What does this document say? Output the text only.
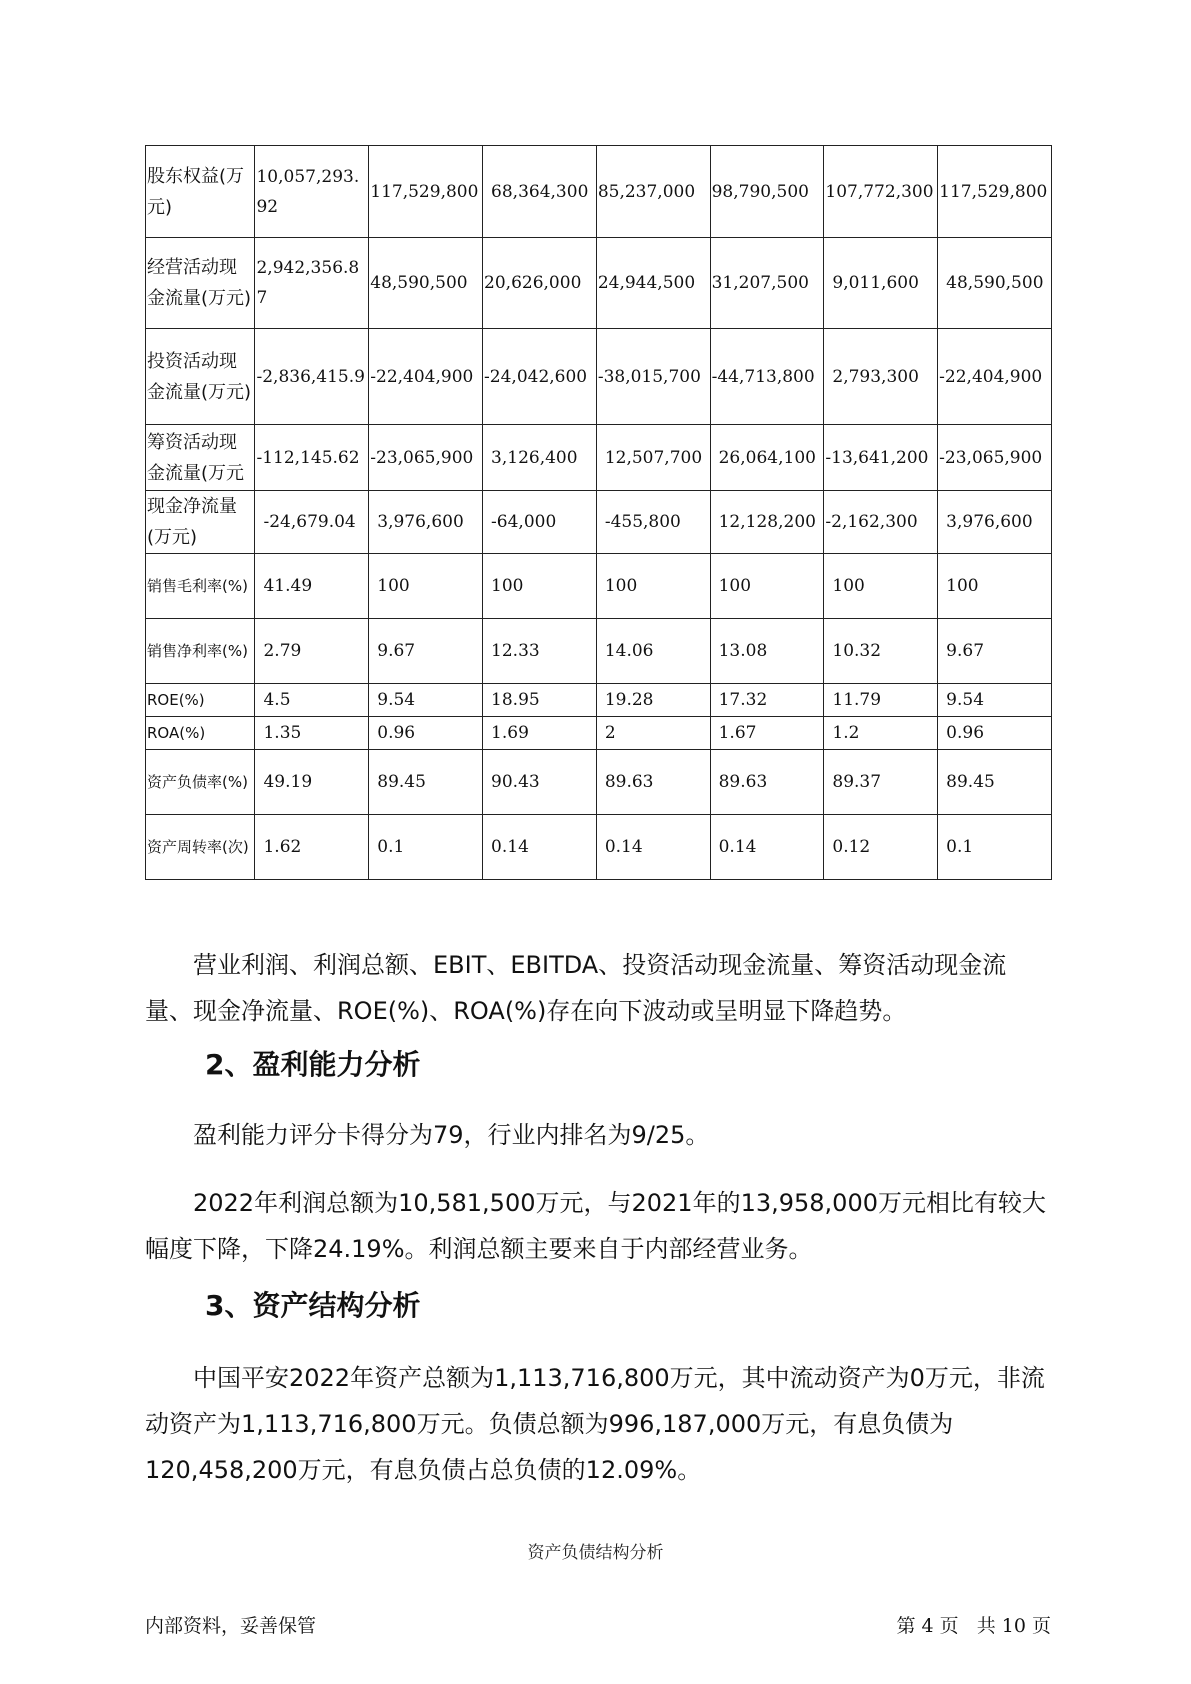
股东权益(万元)	10,057,293.92	117,529,800	68,364,300	85,237,000	98,790,500	107,772,300	117,529,800
经营活动现金流量(万元)	2,942,356.87	48,590,500	20,626,000	24,944,500	31,207,500	9,011,600	48,590,500
投资活动现金流量(万元)	-2,836,415.9	-22,404,900	-24,042,600	-38,015,700	-44,713,800	2,793,300	-22,404,900
筹资活动现金流量(万元	-112,145.62	-23,065,900	3,126,400	12,507,700	26,064,100	-13,641,200	-23,065,900
现金净流量(万元)	-24,679.04	3,976,600	-64,000	-455,800	12,128,200	-2,162,300	3,976,600
销售毛利率(%)	41.49	100	100	100	100	100	100
销售净利率(%)	2.79	9.67	12.33	14.06	13.08	10.32	9.67
ROE(%)	4.5	9.54	18.95	19.28	17.32	11.79	9.54
ROA(%)	1.35	0.96	1.69	2	1.67	1.2	0.96
资产负债率(%)	49.19	89.45	90.43	89.63	89.63	89.37	89.45
资产周转率(次)	1.62	0.1	0.14	0.14	0.14	0.12	0.1

营业利润、利润总额、EBIT、EBITDA、投资活动现金流量、筹资活动现金流量、现金净流量、ROE(%)、ROA(%)存在向下波动或呈明显下降趋势。

2、盈利能力分析

盈利能力评分卡得分为79，行业内排名为9/25。

2022年利润总额为10,581,500万元，与2021年的13,958,000万元相比有较大幅度下降，下降24.19%。利润总额主要来自于内部经营业务。

3、资产结构分析

中国平安2022年资产总额为1,113,716,800万元，其中流动资产为0万元，非流动资产为1,113,716,800万元。负债总额为996,187,000万元，有息负债为120,458,200万元，有息负债占总负债的12.09%。

资产负债结构分析
内部资料，妥善保管	第 4 页   共 10 页
